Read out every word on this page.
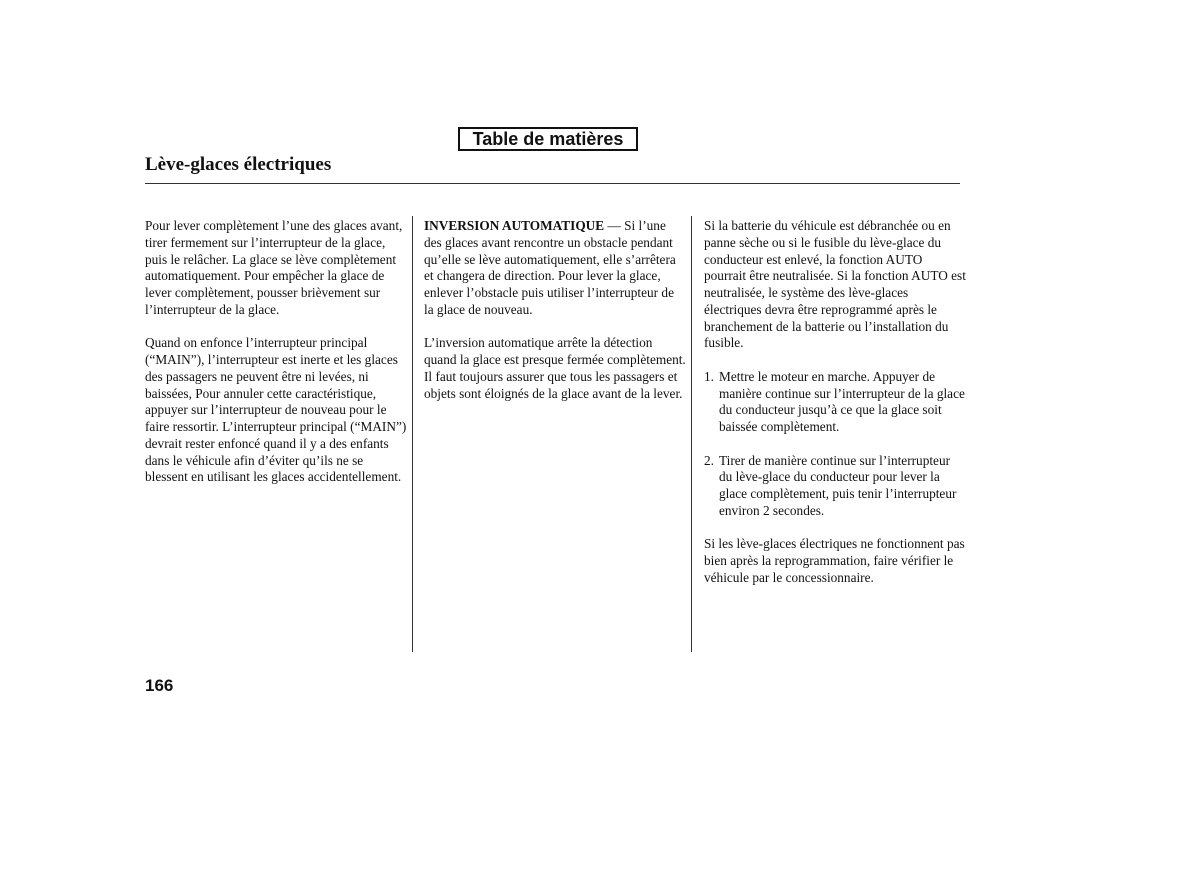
Table de matières
Lève-glaces électriques

Pour lever complètement l’une des glaces avant, tirer fermement sur l’interrupteur de la glace, puis le relâcher. La glace se lève complètement automatiquement. Pour empêcher la glace de lever complètement, pousser brièvement sur l’interrupteur de la glace.

Quand on enfonce l’interrupteur principal (“MAIN”), l’interrupteur est inerte et les glaces des passagers ne peuvent être ni levées, ni baissées, Pour annuler cette caractéristique, appuyer sur l’interrupteur de nouveau pour le faire ressortir. L’interrupteur principal (“MAIN”) devrait rester enfoncé quand il y a des enfants dans le véhicule afin d’éviter qu’ils ne se blessent en utilisant les glaces accidentellement.

INVERSION AUTOMATIQUE — Si l’une des glaces avant rencontre un obstacle pendant qu’elle se lève automatiquement, elle s’arrêtera et changera de direction. Pour lever la glace, enlever l’obstacle puis utiliser l’interrupteur de la glace de nouveau.

L’inversion automatique arrête la détection quand la glace est presque fermée complètement. Il faut toujours assurer que tous les passagers et objets sont éloignés de la glace avant de la lever.

Si la batterie du véhicule est débranchée ou en panne sèche ou si le fusible du lève-glace du conducteur est enlevé, la fonction AUTO pourrait être neutralisée. Si la fonction AUTO est neutralisée, le système des lève-glaces électriques devra être reprogrammé après le branchement de la batterie ou l’installation du fusible.

1. Mettre le moteur en marche. Appuyer de manière continue sur l’interrupteur de la glace du conducteur jusqu’à ce que la glace soit baissée complètement.
2. Tirer de manière continue sur l’interrupteur du lève-glace du conducteur pour lever la glace complètement, puis tenir l’interrupteur environ 2 secondes.

Si les lève-glaces électriques ne fonctionnent pas bien après la reprogrammation, faire vérifier le véhicule par le concessionnaire.

166
